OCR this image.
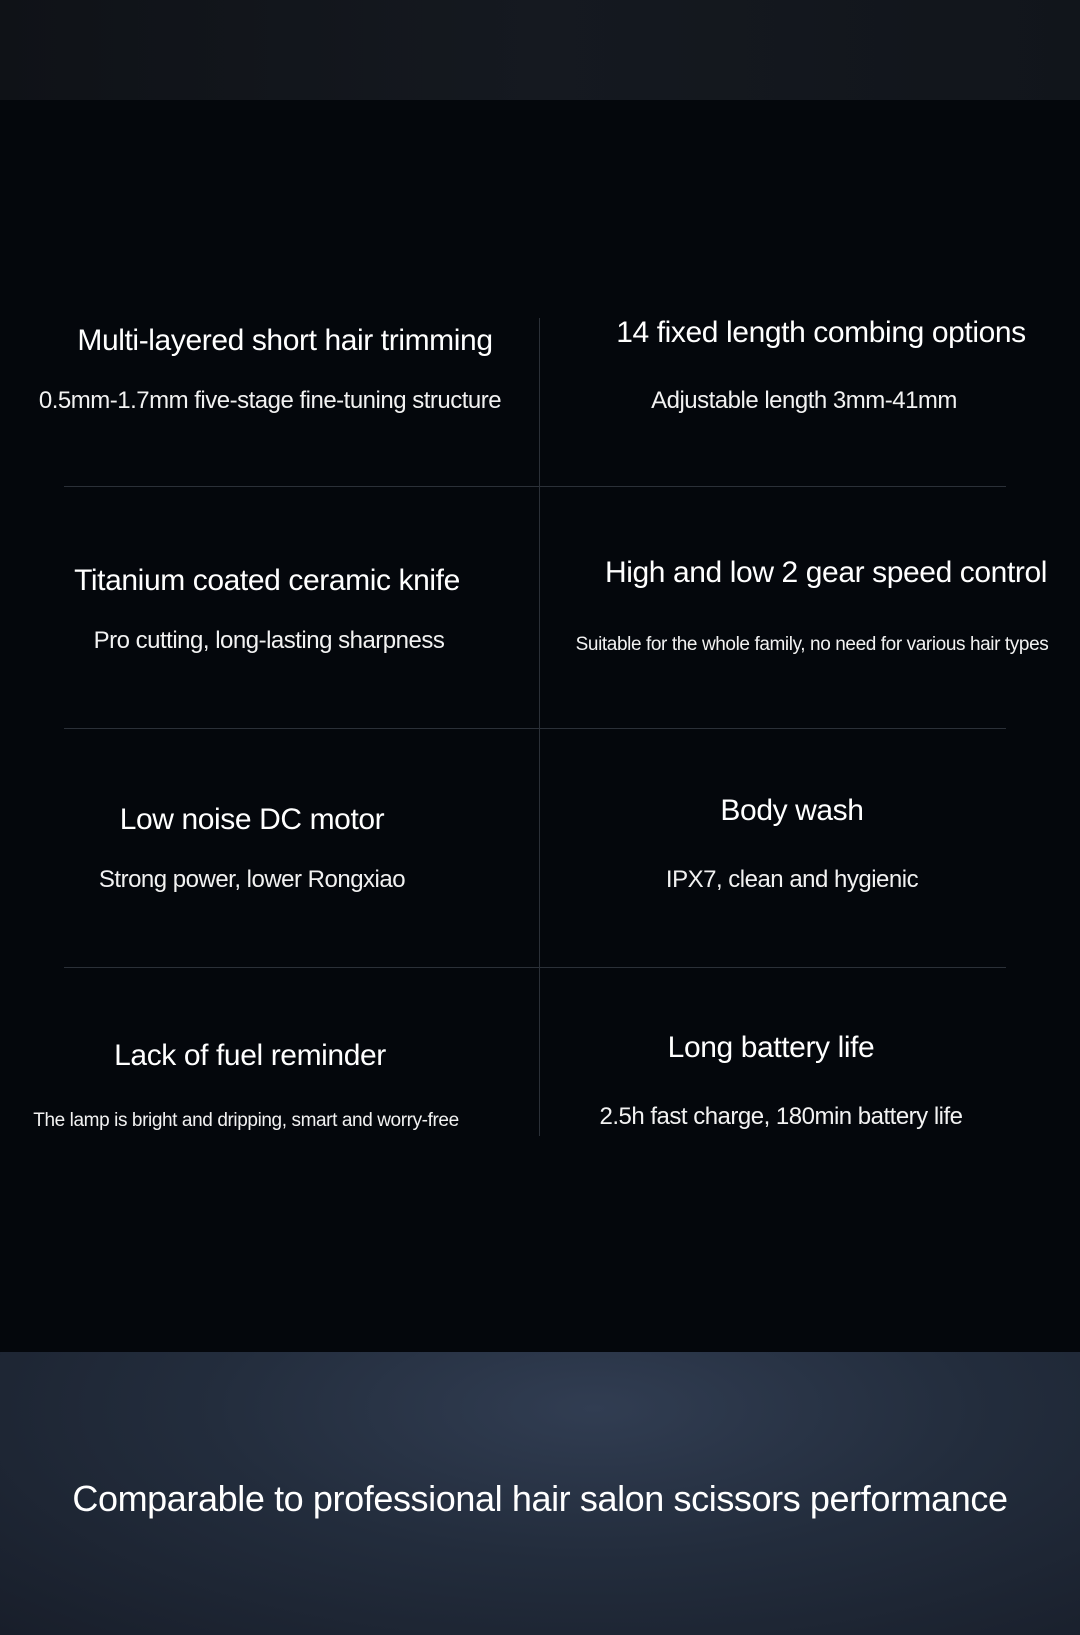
Multi-layered short hair trimming
0.5mm-1.7mm five-stage fine-tuning structure
14 fixed length combing options
Adjustable length 3mm-41mm
Titanium coated ceramic knife
Pro cutting, long-lasting sharpness
High and low 2 gear speed control
Suitable for the whole family, no need for various hair types
Low noise DC motor
Strong power, lower Rongxiao
Body wash
IPX7, clean and hygienic
Lack of fuel reminder
The lamp is bright and dripping, smart and worry-free
Long battery life
2.5h fast charge, 180min battery life
Comparable to professional hair salon scissors performance
